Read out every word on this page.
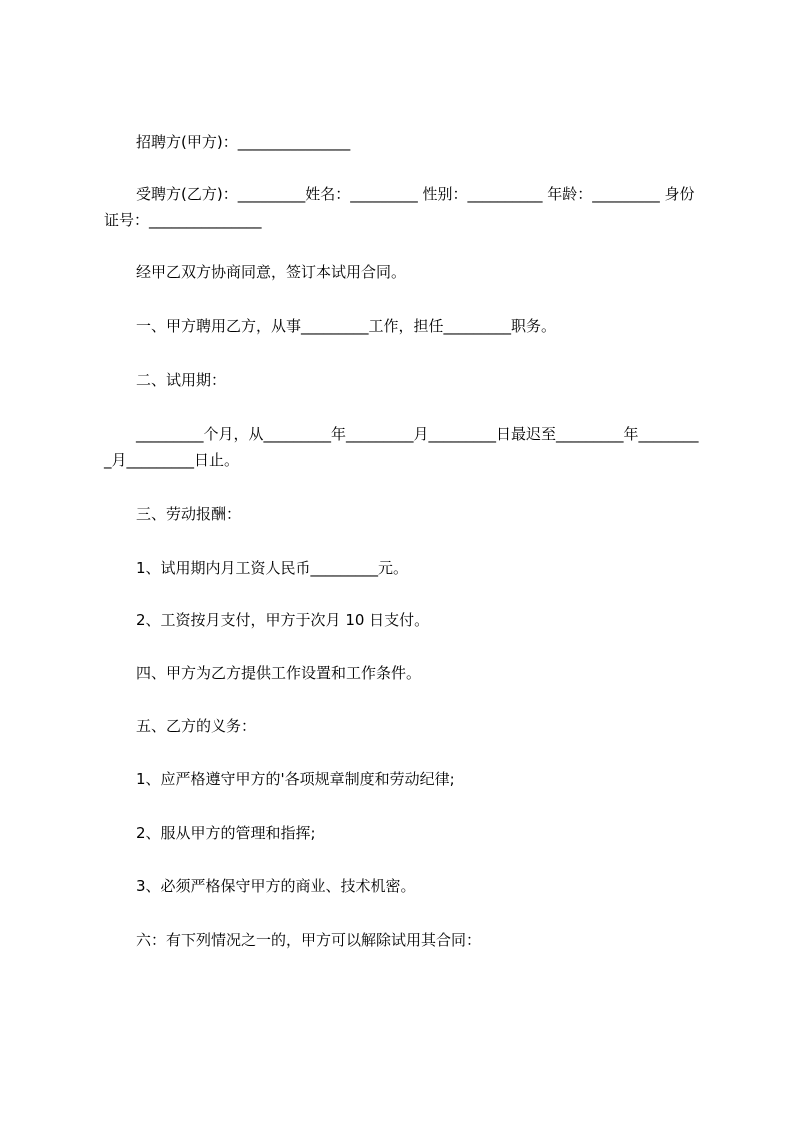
招聘方(甲方)：_______________

受聘方(乙方)：_________姓名：_________ 性别：__________ 年龄：_________ 身份证号：_______________

经甲乙双方协商同意，签订本试用合同。

一、甲方聘用乙方，从事_________工作，担任_________职务。

二、试用期：

_________个月，从_________年_________月_________日最迟至_________年_________月_________日止。

三、劳动报酬：

1、试用期内月工资人民币_________元。

2、工资按月支付，甲方于次月 10 日支付。

四、甲方为乙方提供工作设置和工作条件。

五、乙方的义务：

1、应严格遵守甲方的'各项规章制度和劳动纪律;

2、服从甲方的管理和指挥;

3、必须严格保守甲方的商业、技术机密。

六：有下列情况之一的，甲方可以解除试用其合同：
